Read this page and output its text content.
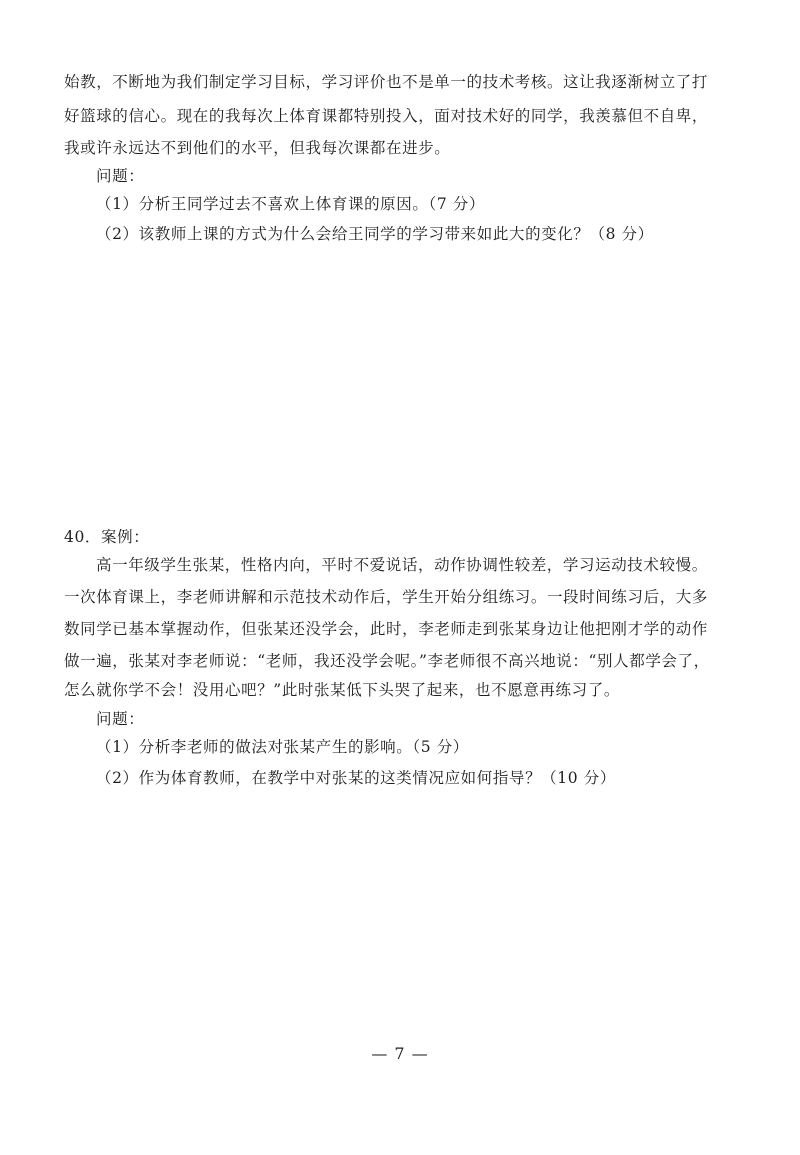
始教，不断地为我们制定学习目标，学习评价也不是单一的技术考核。这让我逐渐树立了打
好篮球的信心。现在的我每次上体育课都特别投入，面对技术好的同学，我羡慕但不自卑，
我或许永远达不到他们的水平，但我每次课都在进步。
问题：
（1）分析王同学过去不喜欢上体育课的原因。（7 分）
（2）该教师上课的方式为什么会给王同学的学习带来如此大的变化？（8 分）
40．案例：
高一年级学生张某，性格内向，平时不爱说话，动作协调性较差，学习运动技术较慢。
一次体育课上，李老师讲解和示范技术动作后，学生开始分组练习。一段时间练习后，大多
数同学已基本掌握动作，但张某还没学会，此时，李老师走到张某身边让他把刚才学的动作
做一遍，张某对李老师说：“老师，我还没学会呢。”李老师很不高兴地说：“别人都学会了，
怎么就你学不会！没用心吧？”此时张某低下头哭了起来，也不愿意再练习了。
问题：
（1）分析李老师的做法对张某产生的影响。（5 分）
（2）作为体育教师，在教学中对张某的这类情况应如何指导？（10 分）
— 7 —
